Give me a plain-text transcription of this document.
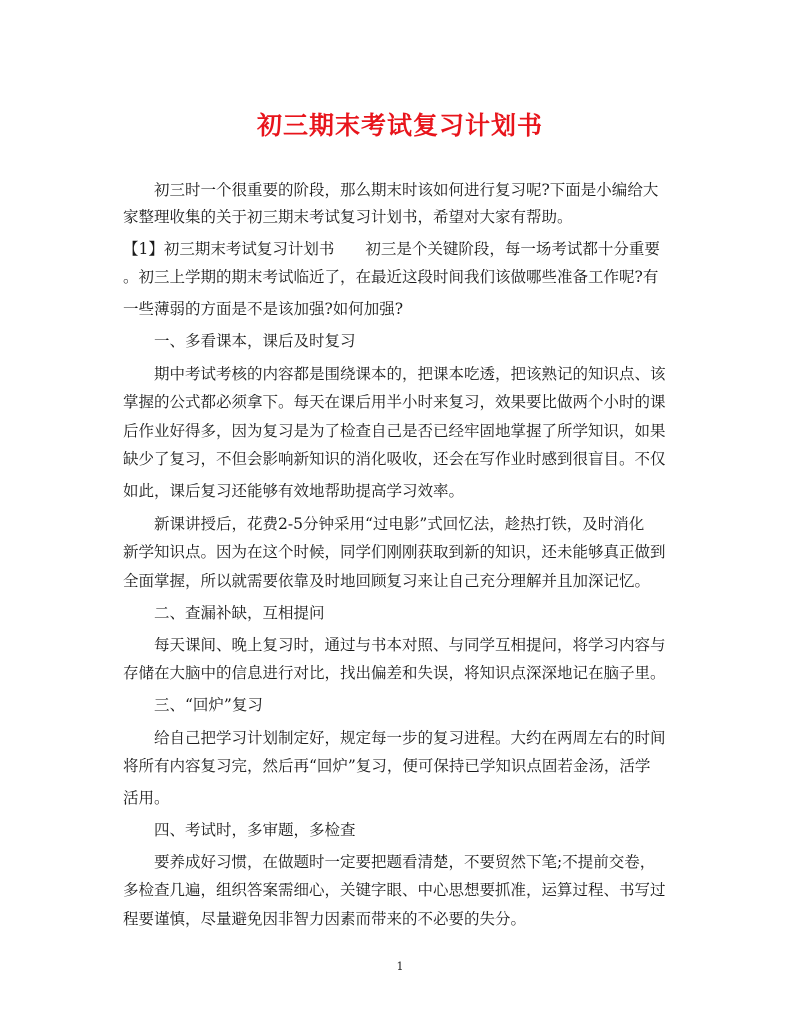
初三期末考试复习计划书
　　初三时一个很重要的阶段，那么期末时该如何进行复习呢?下面是小编给大
家整理收集的关于初三期末考试复习计划书，希望对大家有帮助。
【1】初三期末考试复习计划书　　初三是个关键阶段，每一场考试都十分重要
。初三上学期的期末考试临近了，在最近这段时间我们该做哪些准备工作呢?有
一些薄弱的方面是不是该加强?如何加强?
　　一、多看课本，课后及时复习
　　期中考试考核的内容都是围绕课本的，把课本吃透，把该熟记的知识点、该
掌握的公式都必须拿下。每天在课后用半小时来复习，效果要比做两个小时的课
后作业好得多，因为复习是为了检查自己是否已经牢固地掌握了所学知识，如果
缺少了复习，不但会影响新知识的消化吸收，还会在写作业时感到很盲目。不仅
如此，课后复习还能够有效地帮助提高学习效率。
　　新课讲授后，花费2-5分钟采用“过电影”式回忆法，趁热打铁，及时消化
新学知识点。因为在这个时候，同学们刚刚获取到新的知识，还未能够真正做到
全面掌握，所以就需要依靠及时地回顾复习来让自己充分理解并且加深记忆。
　　二、查漏补缺，互相提问
　　每天课间、晚上复习时，通过与书本对照、与同学互相提问，将学习内容与
存储在大脑中的信息进行对比，找出偏差和失误，将知识点深深地记在脑子里。
　　三、“回炉”复习
　　给自己把学习计划制定好，规定每一步的复习进程。大约在两周左右的时间
将所有内容复习完，然后再“回炉”复习，便可保持已学知识点固若金汤，活学
活用。
　　四、考试时，多审题，多检查
　　要养成好习惯，在做题时一定要把题看清楚，不要贸然下笔;不提前交卷，
多检查几遍，组织答案需细心，关键字眼、中心思想要抓准，运算过程、书写过
程要谨慎，尽量避免因非智力因素而带来的不必要的失分。
1
